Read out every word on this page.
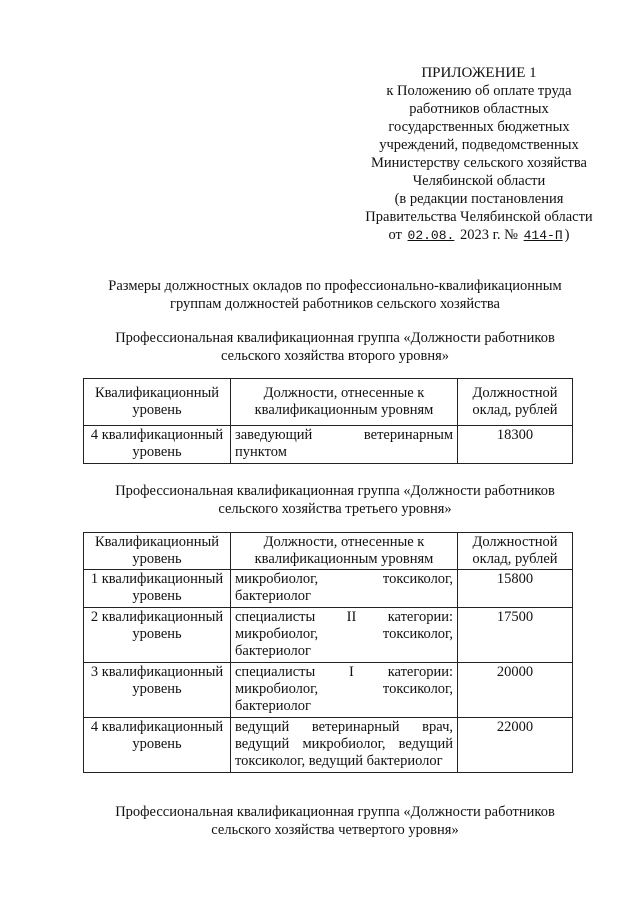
ПРИЛОЖЕНИЕ 1
к Положению об оплате труда
работников областных
государственных бюджетных
учреждений, подведомственных
Министерству сельского хозяйства
Челябинской области
(в редакции постановления
Правительства Челябинской области
от 02.08. 2023 г. № 414-П )
Размеры должностных окладов по профессионально-квалификационным
группам должностей работников сельского хозяйства
Профессиональная квалификационная группа «Должности работников
сельского хозяйства второго уровня»
Квалификационный уровень	Должности, отнесенные к квалификационным уровням	Должностной оклад, рублей
4 квалификационный уровень	заведующий ветеринарным пунктом	18300
Профессиональная квалификационная группа «Должности работников
сельского хозяйства третьего уровня»
Квалификационный уровень	Должности, отнесенные к квалификационным уровням	Должностной оклад, рублей
1 квалификационный уровень	микробиолог, токсиколог, бактериолог	15800
2 квалификационный уровень	специалисты II категории: микробиолог, токсиколог, бактериолог	17500
3 квалификационный уровень	специалисты I категории: микробиолог, токсиколог, бактериолог	20000
4 квалификационный уровень	ведущий ветеринарный врач, ведущий микробиолог, ведущий токсиколог, ведущий бактериолог	22000
Профессиональная квалификационная группа «Должности работников
сельского хозяйства четвертого уровня»
